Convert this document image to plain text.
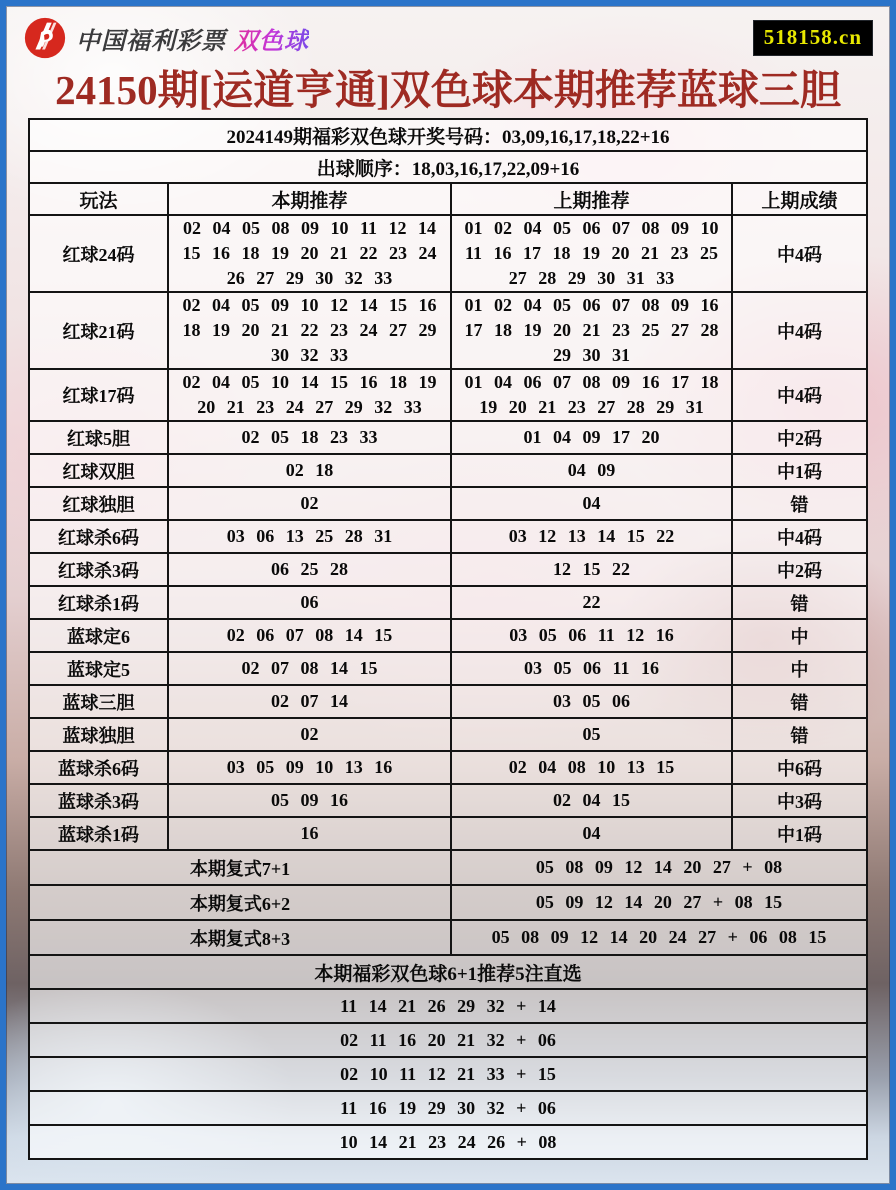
中国福利彩票 双色球	518158.cn
24150期[运道亨通]双色球本期推荐蓝球三胆
2024149期福彩双色球开奖号码：03,09,16,17,18,22+16			
出球顺序：18,03,16,17,22,09+16			
玩法	本期推荐	上期推荐	上期成绩
红球24码	02 04 05 08 09 10 11 12 14 15 16 18 19 20 21 22 23 24 26 27 29 30 32 33	01 02 04 05 06 07 08 09 10 11 16 17 18 19 20 21 23 25 27 28 29 30 31 33	中4码
红球21码	02 04 05 09 10 12 14 15 16 18 19 20 21 22 23 24 27 29 30 32 33	01 02 04 05 06 07 08 09 16 17 18 19 20 21 23 25 27 28 29 30 31	中4码
红球17码	02 04 05 10 14 15 16 18 19 20 21 23 24 27 29 32 33	01 04 06 07 08 09 16 17 18 19 20 21 23 27 28 29 31	中4码
红球5胆	02 05 18 23 33	01 04 09 17 20	中2码
红球双胆	02 18	04 09	中1码
红球独胆	02	04	错
红球杀6码	03 06 13 25 28 31	03 12 13 14 15 22	中4码
红球杀3码	06 25 28	12 15 22	中2码
红球杀1码	06	22	错
蓝球定6	02 06 07 08 14 15	03 05 06 11 12 16	中
蓝球定5	02 07 08 14 15	03 05 06 11 16	中
蓝球三胆	02 07 14	03 05 06	错
蓝球独胆	02	05	错
蓝球杀6码	03 05 09 10 13 16	02 04 08 10 13 15	中6码
蓝球杀3码	05 09 16	02 04 15	中3码
蓝球杀1码	16	04	中1码
本期复式7+1		05 08 09 12 14 20 27 + 08	
本期复式6+2		05 09 12 14 20 27 + 08 15	
本期复式8+3		05 08 09 12 14 20 24 27 + 06 08 15	
本期福彩双色球6+1推荐5注直选			
11 14 21 26 29 32 + 14			
02 11 16 20 21 32 + 06			
02 10 11 12 21 33 + 15			
11 16 19 29 30 32 + 06			
10 14 21 23 24 26 + 08			
